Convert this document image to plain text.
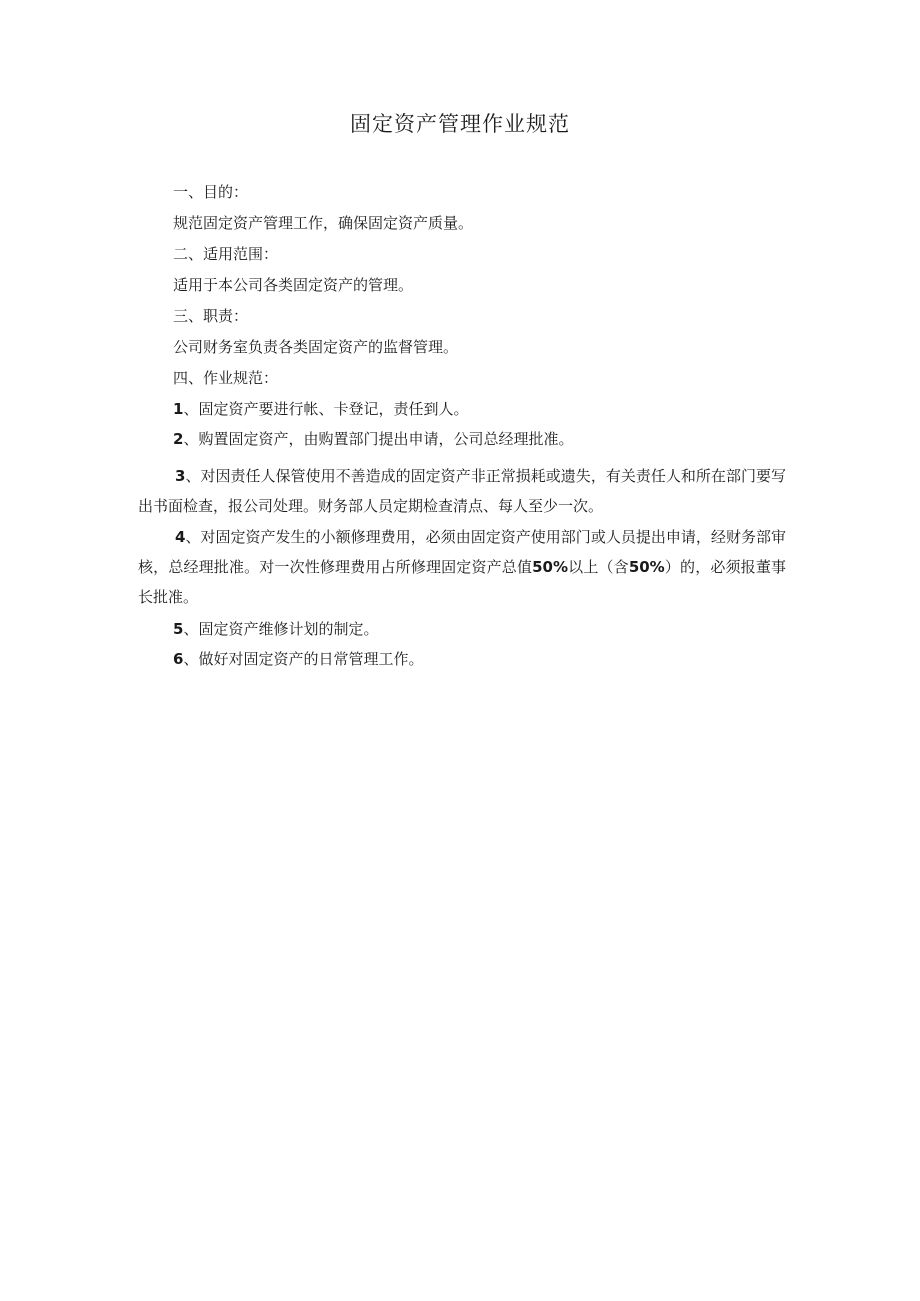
固定资产管理作业规范

一、目的：

规范固定资产管理工作，确保固定资产质量。

二、适用范围：

适用于本公司各类固定资产的管理。

三、职责：

公司财务室负责各类固定资产的监督管理。

四、作业规范：

1、固定资产要进行帐、卡登记，责任到人。

2、购置固定资产，由购置部门提出申请，公司总经理批准。

3、对因责任人保管使用不善造成的固定资产非正常损耗或遗失，有关责任人和所在部门要写出书面检查，报公司处理。财务部人员定期检查清点、每人至少一次。

4、对固定资产发生的小额修理费用，必须由固定资产使用部门或人员提出申请，经财务部审核，总经理批准。对一次性修理费用占所修理固定资产总值50%以上（含50%）的，必须报董事长批准。

5、固定资产维修计划的制定。

6、做好对固定资产的日常管理工作。
